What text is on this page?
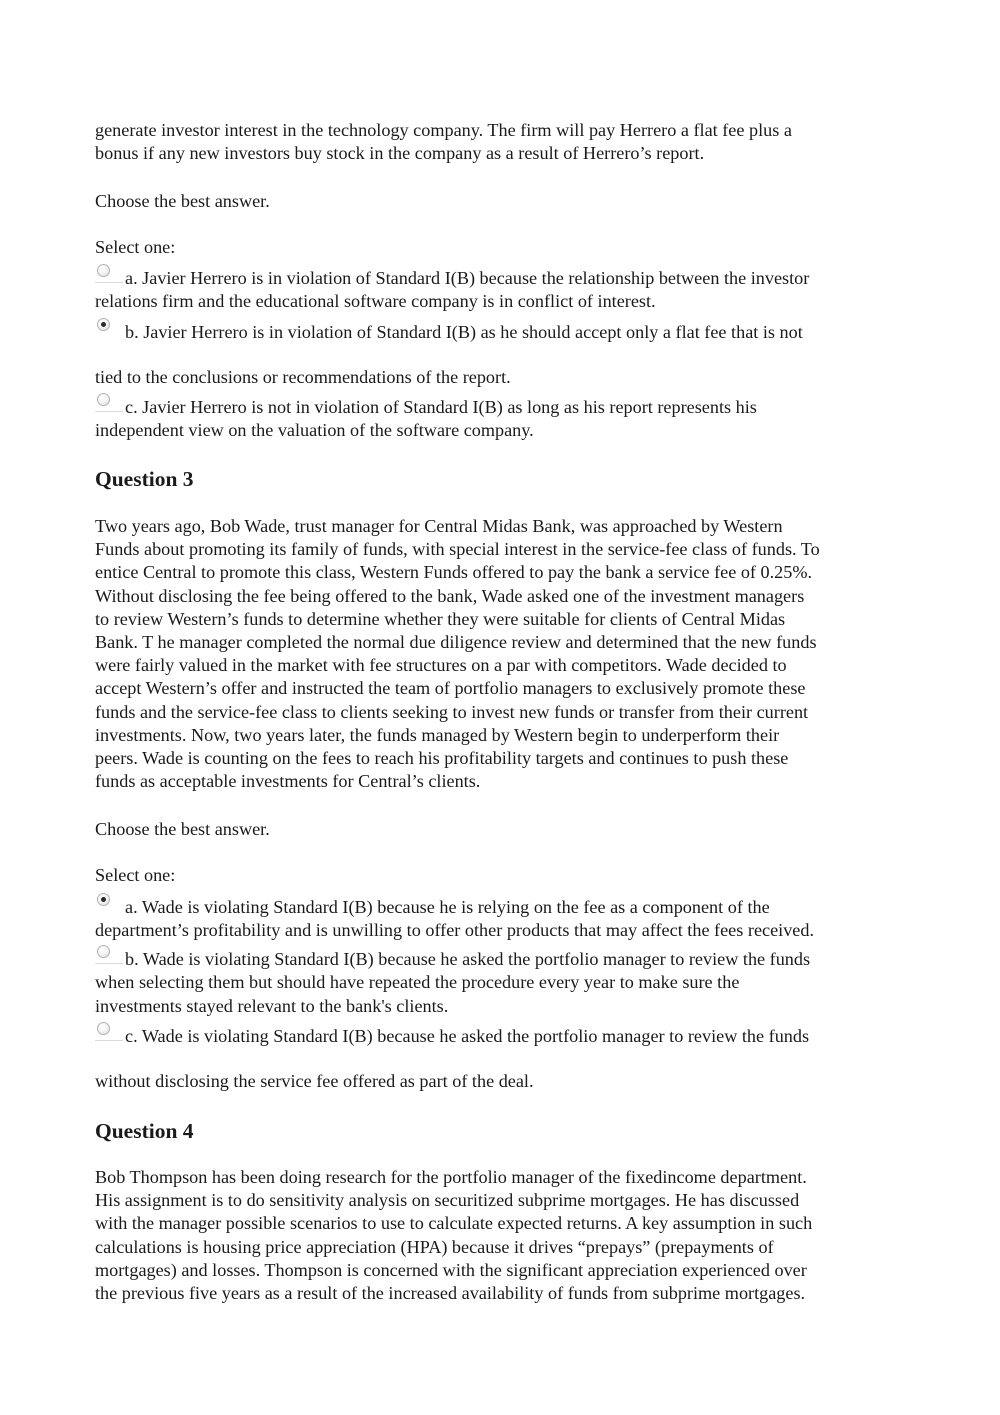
generate investor interest in the technology company. The firm will pay Herrero a flat fee plus a

bonus if any new investors buy stock in the company as a result of Herrero’s report.

Choose the best answer.

Select one:

a. Javier Herrero is in violation of Standard I(B) because the relationship between the investor

relations firm and the educational software company is in conflict of interest.

b. Javier Herrero is in violation of Standard I(B) as he should accept only a flat fee that is not

tied to the conclusions or recommendations of the report.

c. Javier Herrero is not in violation of Standard I(B) as long as his report represents his

independent view on the valuation of the software company.

Question 3

Two years ago, Bob Wade, trust manager for Central Midas Bank, was approached by Western

Funds about promoting its family of funds, with special interest in the service-fee class of funds. To

entice Central to promote this class, Western Funds offered to pay the bank a service fee of 0.25%.

Without disclosing the fee being offered to the bank, Wade asked one of the investment managers

to review Western’s funds to determine whether they were suitable for clients of Central Midas

Bank. T he manager completed the normal due diligence review and determined that the new funds

were fairly valued in the market with fee structures on a par with competitors. Wade decided to

accept Western’s offer and instructed the team of portfolio managers to exclusively promote these

funds and the service-fee class to clients seeking to invest new funds or transfer from their current

investments. Now, two years later, the funds managed by Western begin to underperform their

peers. Wade is counting on the fees to reach his profitability targets and continues to push these

funds as acceptable investments for Central’s clients.

Choose the best answer.

Select one:

a. Wade is violating Standard I(B) because he is relying on the fee as a component of the

department’s profitability and is unwilling to offer other products that may affect the fees received.

b. Wade is violating Standard I(B) because he asked the portfolio manager to review the funds

when selecting them but should have repeated the procedure every year to make sure the

investments stayed relevant to the bank's clients.

c. Wade is violating Standard I(B) because he asked the portfolio manager to review the funds

without disclosing the service fee offered as part of the deal.

Question 4

Bob Thompson has been doing research for the portfolio manager of the fixedincome department.

His assignment is to do sensitivity analysis on securitized subprime mortgages. He has discussed

with the manager possible scenarios to use to calculate expected returns. A key assumption in such

calculations is housing price appreciation (HPA) because it drives “prepays” (prepayments of

mortgages) and losses. Thompson is concerned with the significant appreciation experienced over

the previous five years as a result of the increased availability of funds from subprime mortgages.
